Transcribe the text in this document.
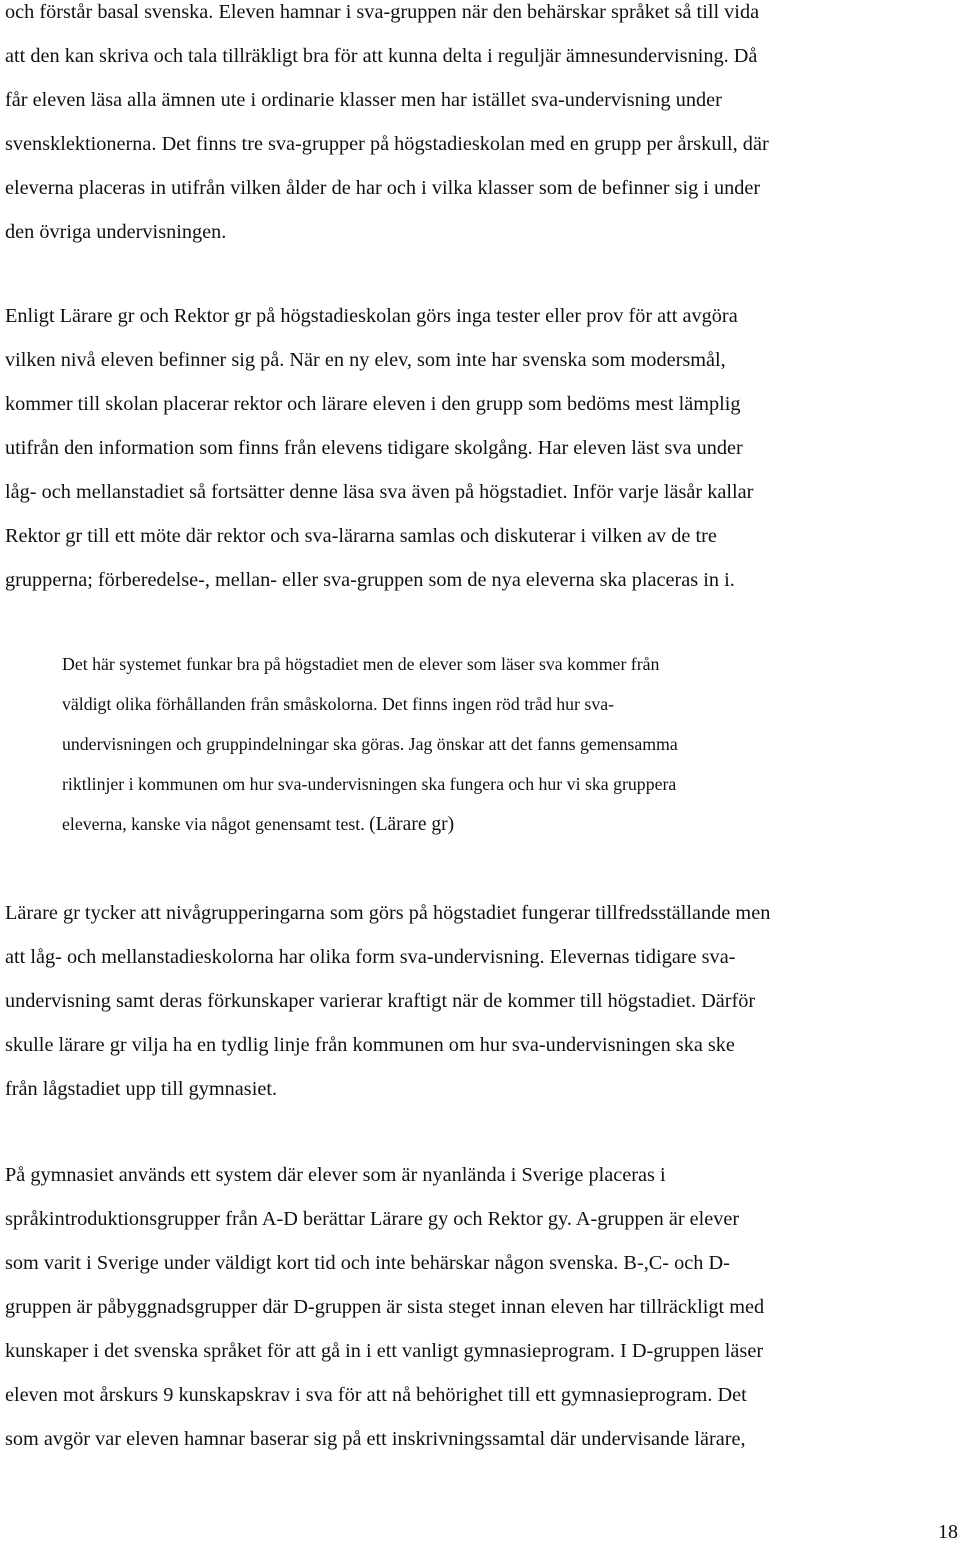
och förstår basal svenska. Eleven hamnar i sva-gruppen när den behärskar språket så till vida
att den kan skriva och tala tillräkligt bra för att kunna delta i reguljär ämnesundervisning. Då
får eleven läsa alla ämnen ute i ordinarie klasser men har istället sva-undervisning under
svensklektionerna. Det finns tre sva-grupper på högstadieskolan med en grupp per årskull, där
eleverna placeras in utifrån vilken ålder de har och i vilka klasser som de befinner sig i under
den övriga undervisningen.

Enligt Lärare gr och Rektor gr på högstadieskolan görs inga tester eller prov för att avgöra
vilken nivå eleven befinner sig på. När en ny elev, som inte har svenska som modersmål,
kommer till skolan placerar rektor och lärare eleven i den grupp som bedöms mest lämplig
utifrån den information som finns från elevens tidigare skolgång. Har eleven läst sva under
låg- och mellanstadiet så fortsätter denne läsa sva även på högstadiet. Inför varje läsår kallar
Rektor gr till ett möte där rektor och sva-lärarna samlas och diskuterar i vilken av de tre
grupperna; förberedelse-, mellan- eller sva-gruppen som de nya eleverna ska placeras in i.

Det här systemet funkar bra på högstadiet men de elever som läser sva kommer från
väldigt olika förhållanden från småskolorna. Det finns ingen röd tråd hur sva-
undervisningen och gruppindelningar ska göras. Jag önskar att det fanns gemensamma
riktlinjer i kommunen om hur sva-undervisningen ska fungera och hur vi ska gruppera
eleverna, kanske via något genensamt test. (Lärare gr)

Lärare gr tycker att nivågrupperingarna som görs på högstadiet fungerar tillfredsställande men
att låg- och mellanstadieskolorna har olika form sva-undervisning. Elevernas tidigare sva-
undervisning samt deras förkunskaper varierar kraftigt när de kommer till högstadiet. Därför
skulle lärare gr vilja ha en tydlig linje från kommunen om hur sva-undervisningen ska ske
från lågstadiet upp till gymnasiet.

På gymnasiet används ett system där elever som är nyanlända i Sverige placeras i
språkintroduktionsgrupper från A-D berättar Lärare gy och Rektor gy. A-gruppen är elever
som varit i Sverige under väldigt kort tid och inte behärskar någon svenska. B-,C- och D-
gruppen är påbyggnadsgrupper där D-gruppen är sista steget innan eleven har tillräckligt med
kunskaper i det svenska språket för att gå in i ett vanligt gymnasieprogram. I D-gruppen läser
eleven mot årskurs 9 kunskapskrav i sva för att nå behörighet till ett gymnasieprogram. Det
som avgör var eleven hamnar baserar sig på ett inskrivningssamtal där undervisande lärare,

18
